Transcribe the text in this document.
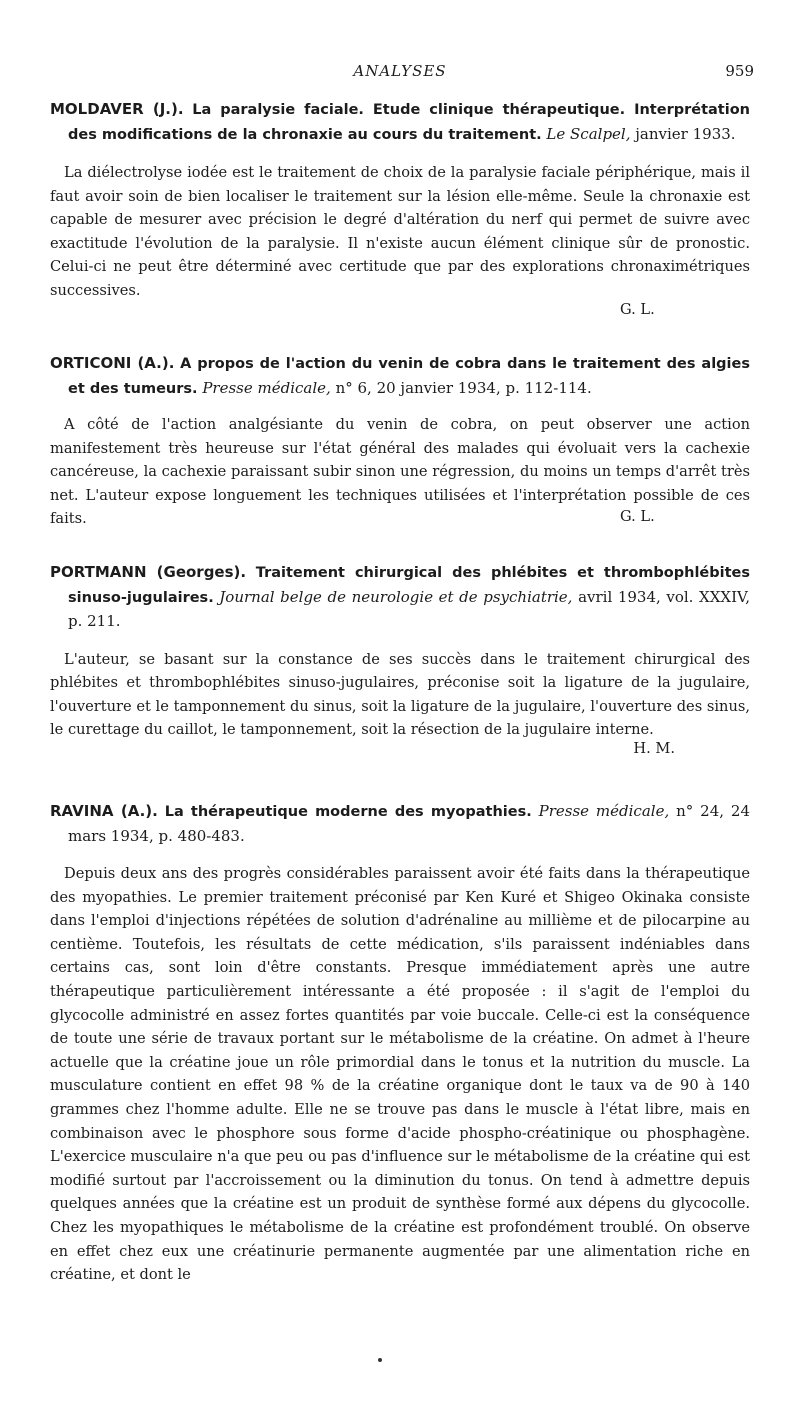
ANALYSES	959
MOLDAVER (J.). La paralysie faciale. Etude clinique thérapeutique. Interprétation des modifications de la chronaxie au cours du traitement. Le Scalpel, janvier 1933.

La diélectrolyse iodée est le traitement de choix de la paralysie faciale périphérique, mais il faut avoir soin de bien localiser le traitement sur la lésion elle-même. Seule la chronaxie est capable de mesurer avec précision le degré d'altération du nerf qui permet de suivre avec exactitude l'évolution de la paralysie. Il n'existe aucun élément clinique sûr de pronostic. Celui-ci ne peut être déterminé avec certitude que par des explorations chronaximétriques successives.

G. L.
ORTICONI (A.). A propos de l'action du venin de cobra dans le traitement des algies et des tumeurs. Presse médicale, n° 6, 20 janvier 1934, p. 112-114.

A côté de l'action analgésiante du venin de cobra, on peut observer une action manifestement très heureuse sur l'état général des malades qui évoluait vers la cachexie cancéreuse, la cachexie paraissant subir sinon une régression, du moins un temps d'arrêt très net. L'auteur expose longuement les techniques utilisées et l'interprétation possible de ces faits.	G. L.
PORTMANN (Georges). Traitement chirurgical des phlébites et thrombophlébites sinuso-jugulaires. Journal belge de neurologie et de psychiatrie, avril 1934, vol. XXXIV, p. 211.

L'auteur, se basant sur la constance de ses succès dans le traitement chirurgical des phlébites et thrombophlébites sinuso-jugulaires, préconise soit la ligature de la jugulaire, l'ouverture et le tamponnement du sinus, soit la ligature de la jugulaire, l'ouverture des sinus, le curettage du caillot, le tamponnement, soit la résection de la jugulaire interne.

H. M.
RAVINA (A.). La thérapeutique moderne des myopathies. Presse médicale, n° 24, 24 mars 1934, p. 480-483.

Depuis deux ans des progrès considérables paraissent avoir été faits dans la thérapeutique des myopathies. Le premier traitement préconisé par Ken Kuré et Shigeo Okinaka consiste dans l'emploi d'injections répétées de solution d'adrénaline au millième et de pilocarpine au centième. Toutefois, les résultats de cette médication, s'ils paraissent indéniables dans certains cas, sont loin d'être constants. Presque immédiatement après une autre thérapeutique particulièrement intéressante a été proposée : il s'agit de l'emploi du glycocolle administré en assez fortes quantités par voie buccale. Celle-ci est la conséquence de toute une série de travaux portant sur le métabolisme de la créatine. On admet à l'heure actuelle que la créatine joue un rôle primordial dans le tonus et la nutrition du muscle. La musculature contient en effet 98 % de la créatine organique dont le taux va de 90 à 140 grammes chez l'homme adulte. Elle ne se trouve pas dans le muscle à l'état libre, mais en combinaison avec le phosphore sous forme d'acide phospho-créatinique ou phosphagène. L'exercice musculaire n'a que peu ou pas d'influence sur le métabolisme de la créatine qui est modifié surtout par l'accroissement ou la diminution du tonus. On tend à admettre depuis quelques années que la créatine est un produit de synthèse formé aux dépens du glycocolle. Chez les myopathiques le métabolisme de la créatine est profondément troublé. On observe en effet chez eux une créatinurie permanente augmentée par une alimentation riche en créatine, et dont le
